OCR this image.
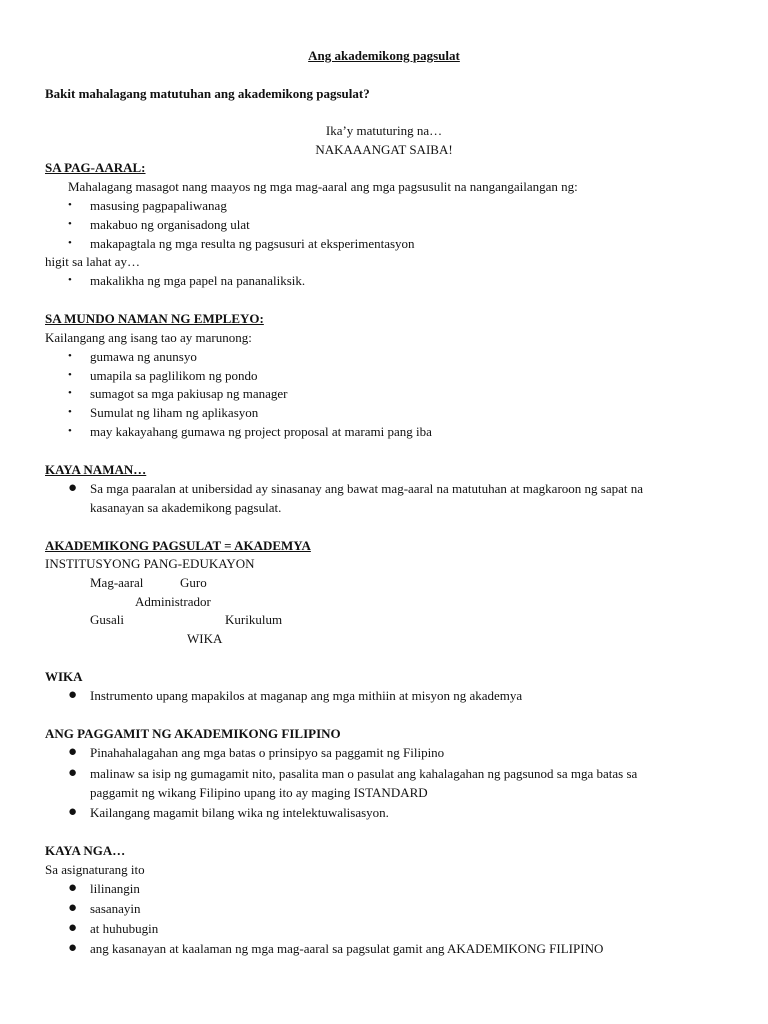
Ang akademikong pagsulat
Bakit mahalagang matutuhan ang akademikong pagsulat?
Ika’y matuturing na…
NAKAAANGAT SAIBA!
SA PAG-AARAL:
Mahalagang masagot nang maayos ng mga mag-aaral ang mga pagsusulit na nangangailangan ng:
• masusing pagpapaliwanag
• makabuo ng organisadong ulat
• makapagtala ng mga resulta ng pagsusuri at eksperimentasyon
higit sa lahat ay…
• makalikha ng mga papel na pananaliksik.
SA MUNDO NAMAN NG EMPLEYO:
Kailangang ang isang tao ay marunong:
• gumawa ng anunsyo
• umapila sa paglilikom ng pondo
• sumagot sa mga pakiusap ng manager
• Sumulat ng liham ng aplikasyon
• may kakayahang gumawa ng project proposal at marami pang iba
KAYA NAMAN…
● Sa mga paaralan at unibersidad ay sinasanay ang bawat mag-aaral na matutuhan at magkaroon ng sapat na
kasanayan sa akademikong pagsulat.
AKADEMIKONG PAGSULAT = AKADEMYA
INSTITUSYONG PANG-EDUKAYON
Mag-aaral	Guro
Administrador
Gusali	Kurikulum
WIKA
WIKA
● Instrumento upang mapakilos at maganap ang mga mithiin at misyon ng akademya
ANG PAGGAMIT NG AKADEMIKONG FILIPINO
● Pinahahalagahan ang mga batas o prinsipyo sa paggamit ng Filipino
● malinaw sa isip ng gumagamit nito, pasalita man o pasulat ang kahalagahan ng pagsunod sa mga batas sa
paggamit ng wikang Filipino upang ito ay maging ISTANDARD
● Kailangang magamit bilang wika ng intelektuwalisasyon.
KAYA NGA…
Sa asignaturang ito
● lilinangin
● sasanayin
● at huhubugin
● ang kasanayan at kaalaman ng mga mag-aaral sa pagsulat gamit ang AKADEMIKONG FILIPINO
